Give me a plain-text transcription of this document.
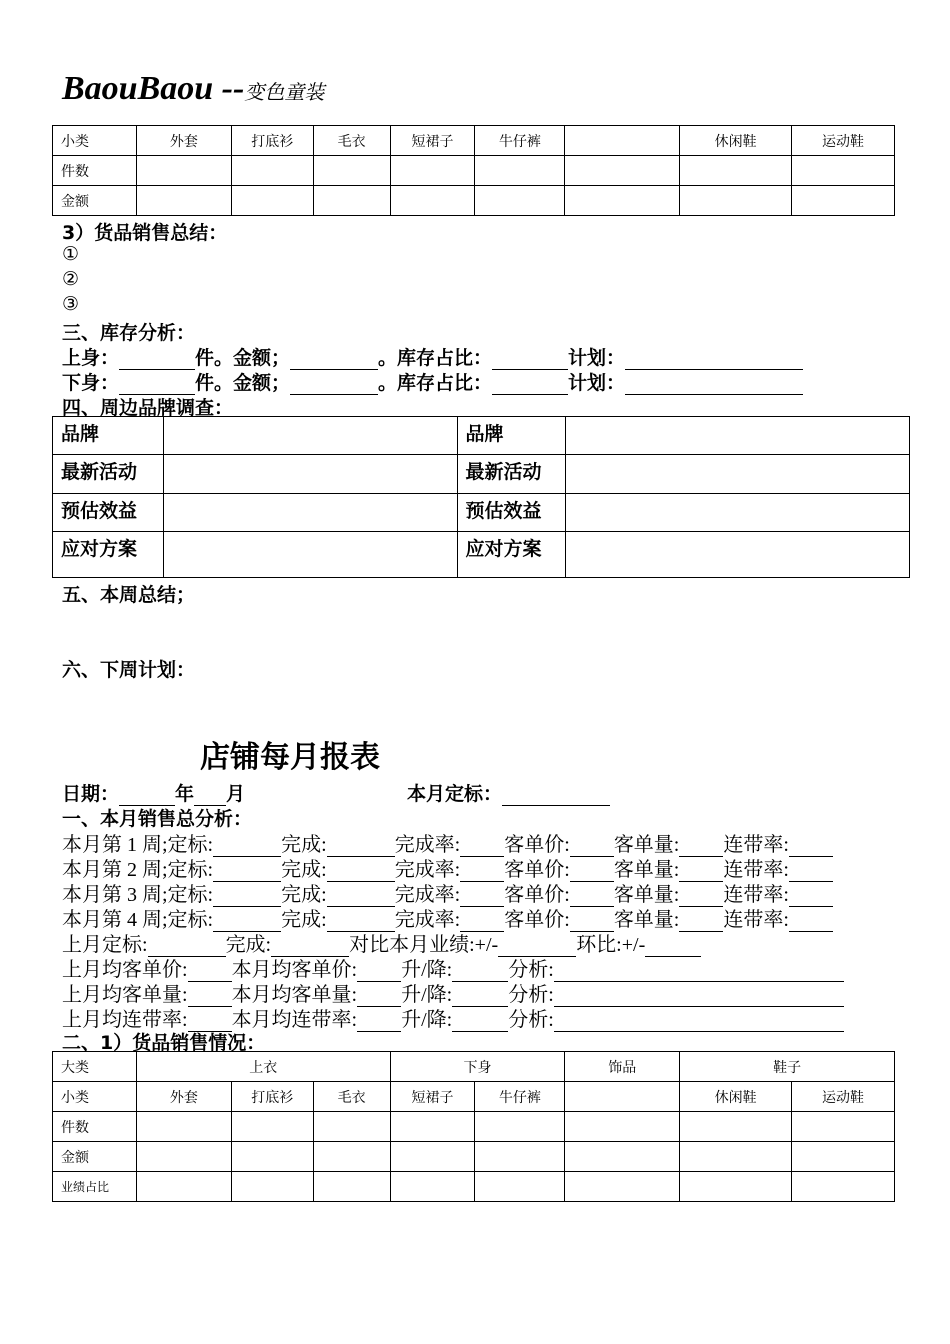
BaouBaou --变色童装
小类	外套	打底衫	毛衣	短裙子	牛仔裤		休闲鞋	运动鞋
件数								
金额								
3）货品销售总结：
①
②
③
三、库存分析：
上身：	件。金额；	。库存占比：	计划：
下身：	件。金额；	。库存占比：	计划：
四、周边品牌调查：
品牌		品牌	
最新活动		最新活动	
预估效益		预估效益	
应对方案		应对方案	
五、本周总结；
六、下周计划：
店铺每月报表
日期：	年 月	本月定标：
一、本月销售总分析：
本月第 1 周;定标:	完成:	完成率: 客单价: 客单量: 连带率:
本月第 2 周;定标:	完成:	完成率: 客单价: 客单量: 连带率:
本月第 3 周;定标:	完成:	完成率: 客单价: 客单量: 连带率:
本月第 4 周;定标:	完成:	完成率: 客单价: 客单量: 连带率:
上月定标:	完成:	对比本月业绩:+/-	环比:+/-
上月均客单价: 本月均客单价: 升/降:	分析:
上月均客单量: 本月均客单量: 升/降:	分析:
上月均连带率: 本月均连带率: 升/降:	分析:
二、1）货品销售情况：
大类	上衣			下身		饰品	鞋子	
小类	外套	打底衫	毛衣	短裙子	牛仔裤		休闲鞋	运动鞋
件数								
金额								
业绩占比								
